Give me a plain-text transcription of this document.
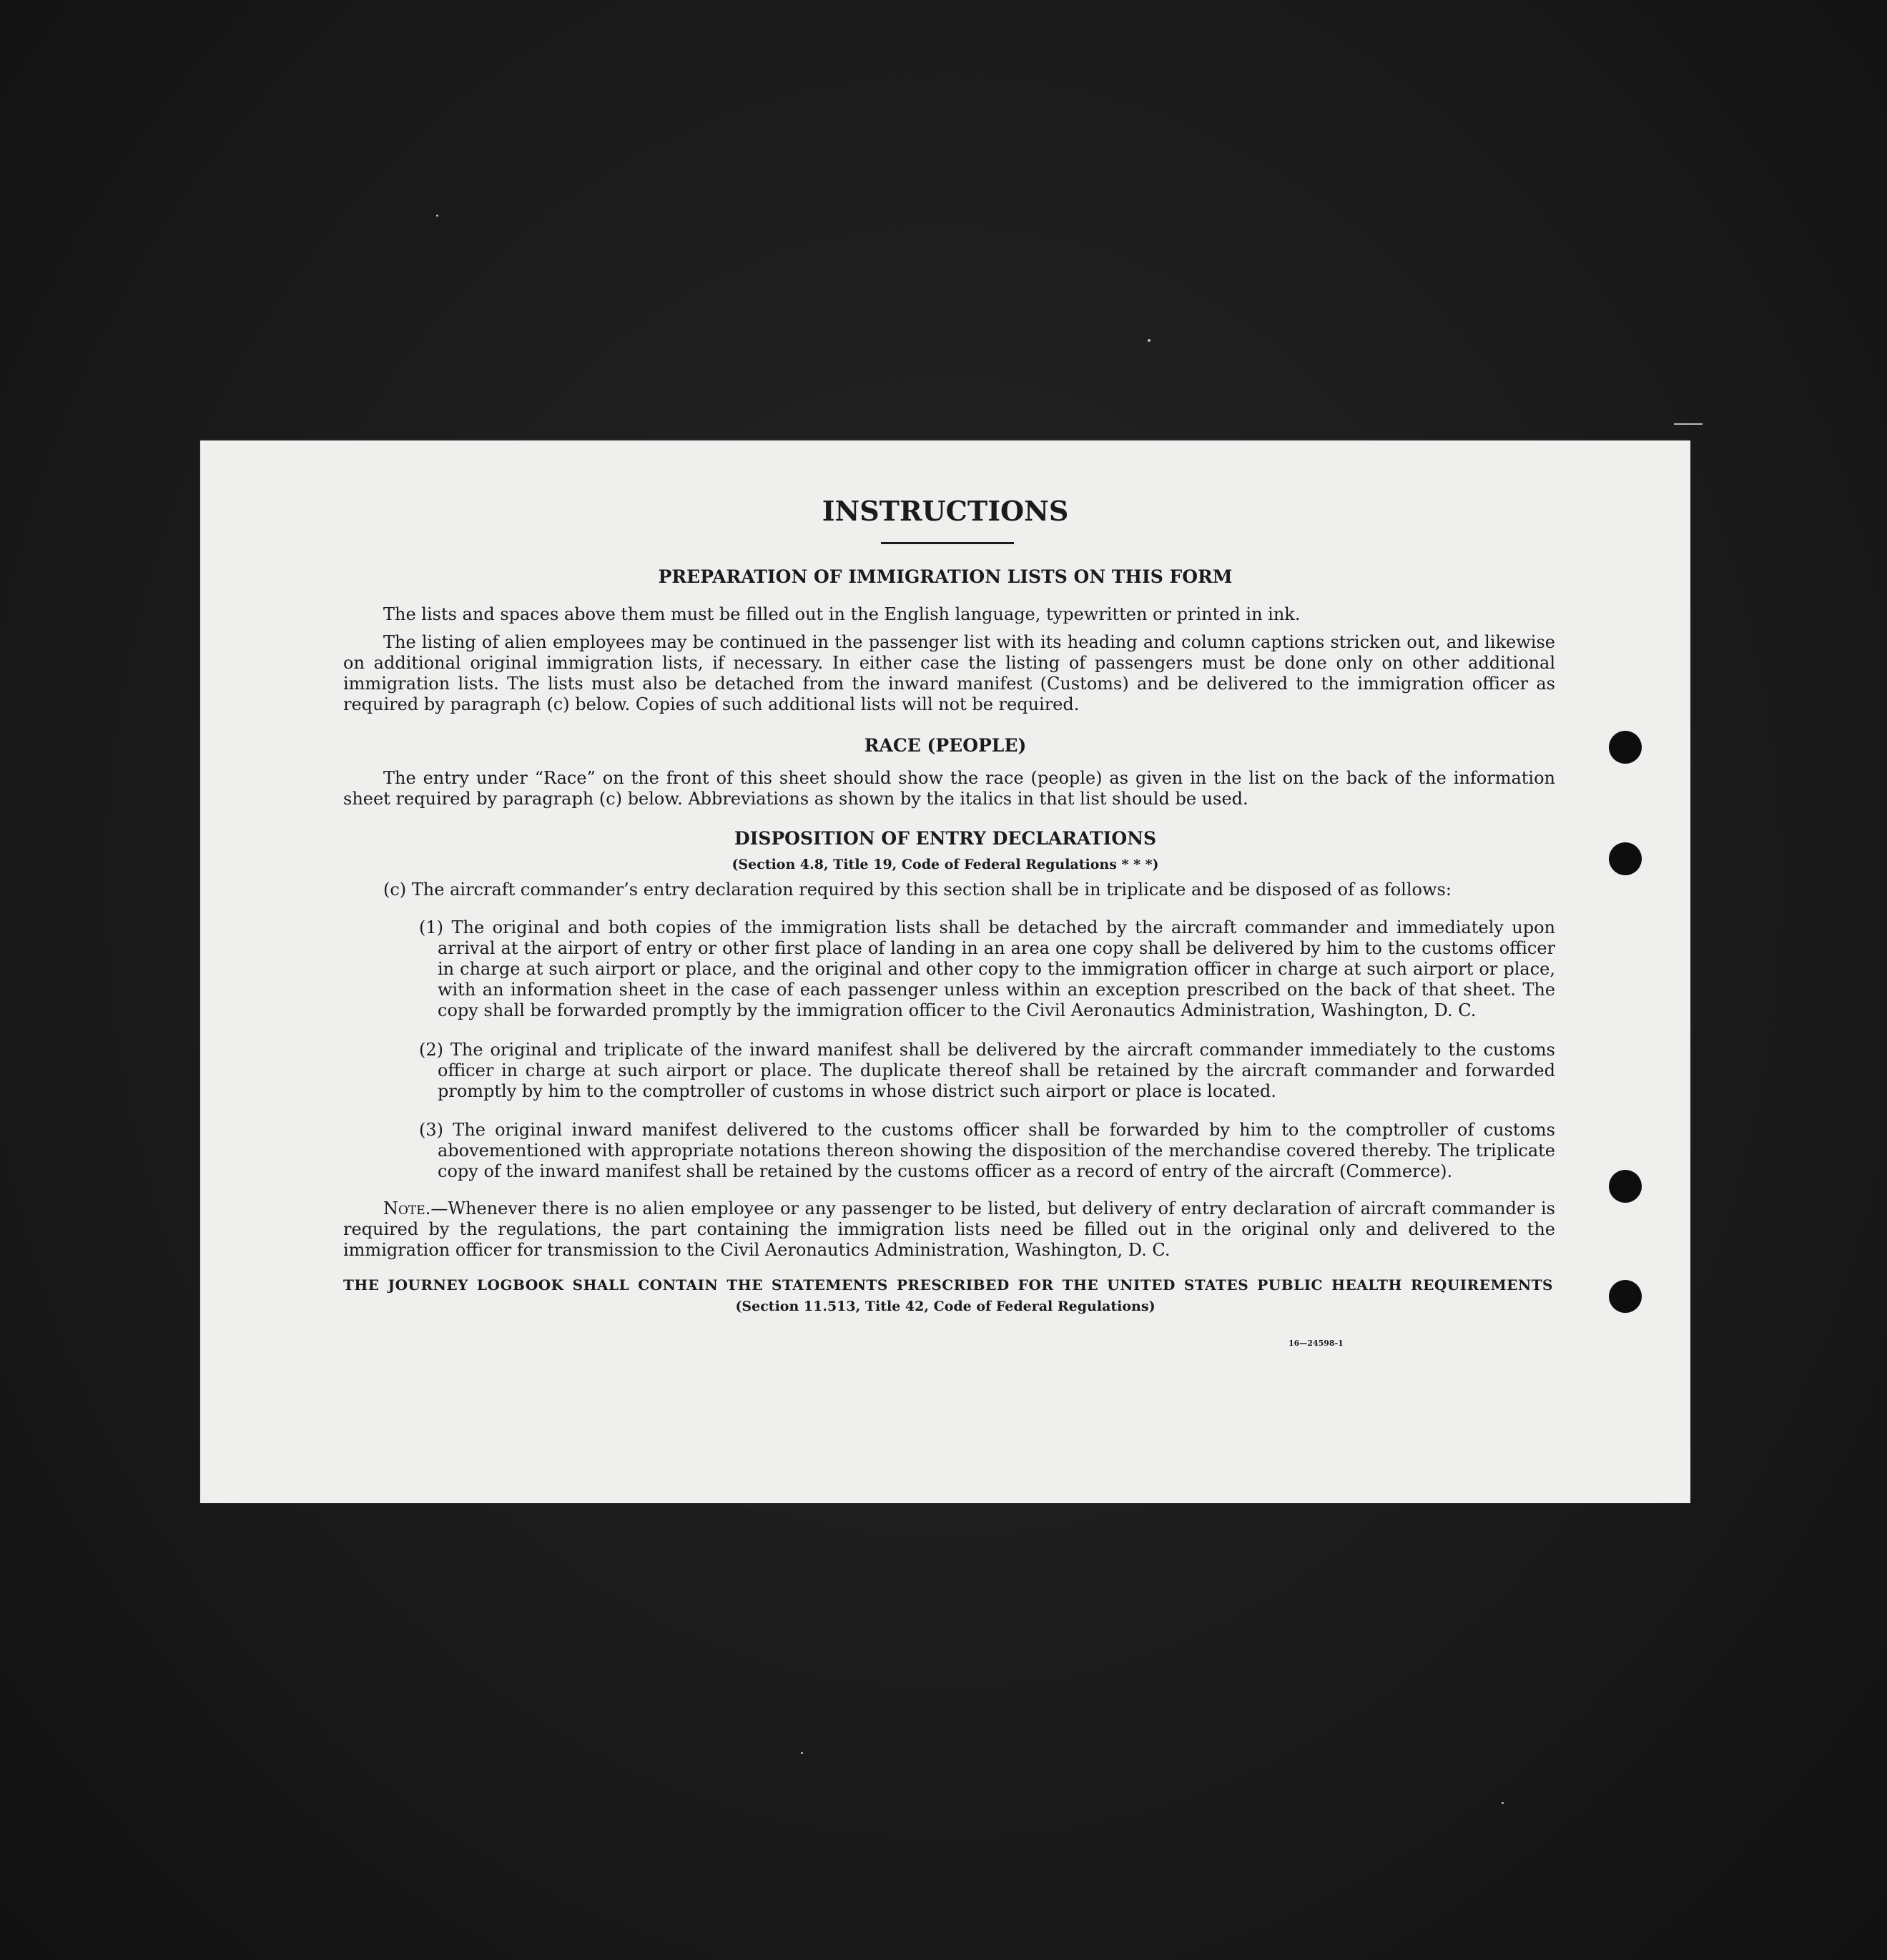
INSTRUCTIONS
PREPARATION OF IMMIGRATION LISTS ON THIS FORM
The lists and spaces above them must be filled out in the English language, typewritten or printed in ink.
The listing of alien employees may be continued in the passenger list with its heading and column captions stricken out, and likewise on additional original immigration lists, if necessary. In either case the listing of passengers must be done only on other additional immigration lists. The lists must also be detached from the inward manifest (Customs) and be delivered to the immigration officer as required by paragraph (c) below. Copies of such additional lists will not be required.
RACE (PEOPLE)
The entry under “Race” on the front of this sheet should show the race (people) as given in the list on the back of the information sheet required by paragraph (c) below. Abbreviations as shown by the italics in that list should be used.
DISPOSITION OF ENTRY DECLARATIONS
(Section 4.8, Title 19, Code of Federal Regulations * * *)
(c) The aircraft commander’s entry declaration required by this section shall be in triplicate and be disposed of as follows:
(1) The original and both copies of the immigration lists shall be detached by the aircraft commander and immediately upon arrival at the airport of entry or other first place of landing in an area one copy shall be delivered by him to the customs officer in charge at such airport or place, and the original and other copy to the immigration officer in charge at such airport or place, with an information sheet in the case of each passenger unless within an exception prescribed on the back of that sheet. The copy shall be forwarded promptly by the immigration officer to the Civil Aeronautics Administration, Washington, D. C.
(2) The original and triplicate of the inward manifest shall be delivered by the aircraft commander immediately to the customs officer in charge at such airport or place. The duplicate thereof shall be retained by the aircraft commander and forwarded promptly by him to the comptroller of customs in whose district such airport or place is located.
(3) The original inward manifest delivered to the customs officer shall be forwarded by him to the comptroller of customs abovementioned with appropriate notations thereon showing the disposition of the merchandise covered thereby. The triplicate copy of the inward manifest shall be retained by the customs officer as a record of entry of the aircraft (Commerce).
Note.—Whenever there is no alien employee or any passenger to be listed, but delivery of entry declaration of aircraft commander is required by the regulations, the part containing the immigration lists need be filled out in the original only and delivered to the immigration officer for transmission to the Civil Aeronautics Administration, Washington, D. C.
THE JOURNEY LOGBOOK SHALL CONTAIN THE STATEMENTS PRESCRIBED FOR THE UNITED STATES PUBLIC HEALTH REQUIREMENTS
(Section 11.513, Title 42, Code of Federal Regulations)
16—24598-1
